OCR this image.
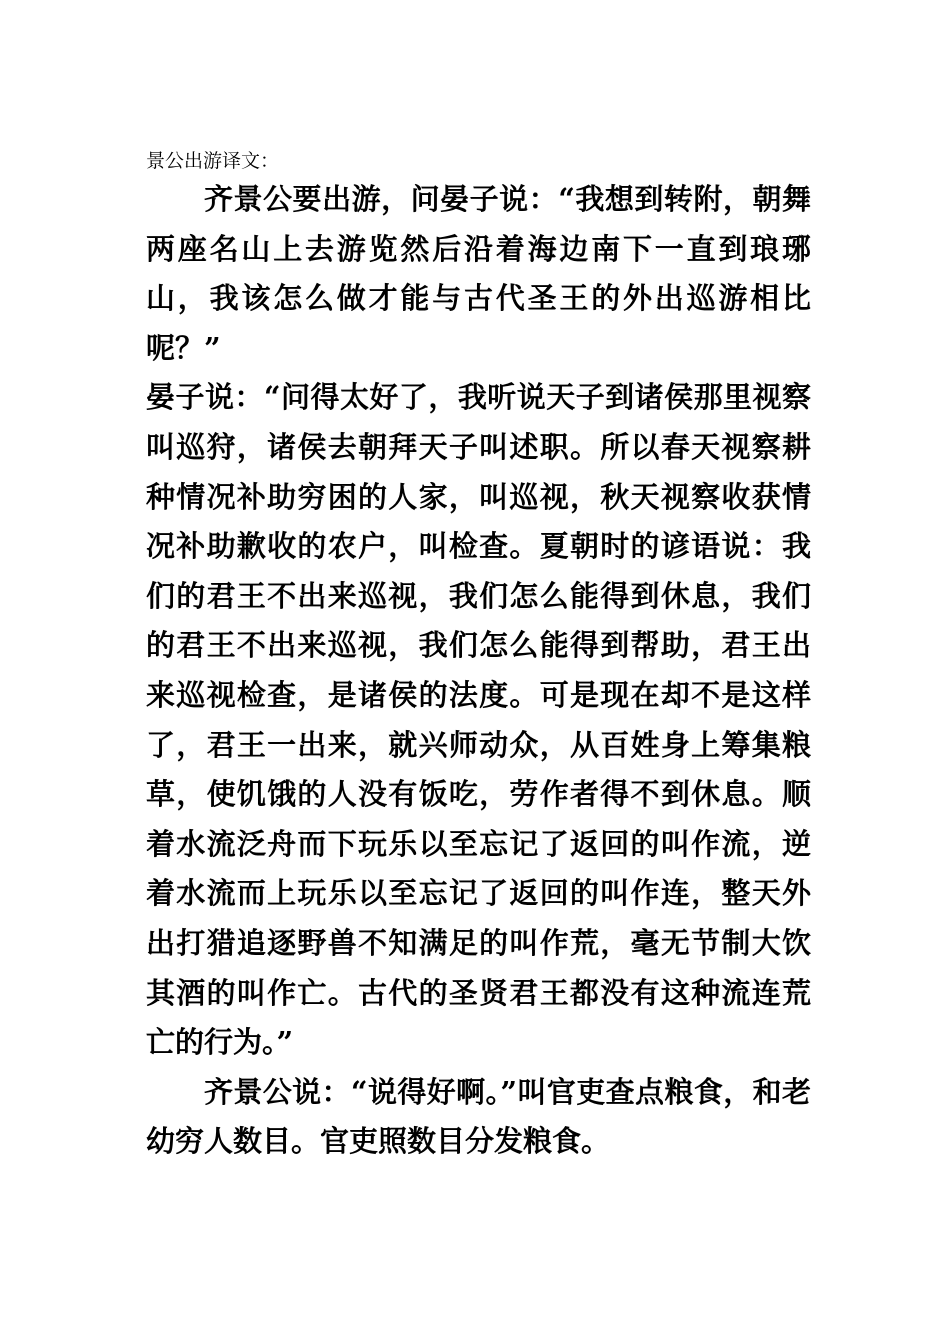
景公出游译文：

齐景公要出游，问晏子说：“我想到转附，朝舞两座名山上去游览然后沿着海边南下一直到琅琊山，我该怎么做才能与古代圣王的外出巡游相比呢？”

晏子说：“问得太好了，我听说天子到诸侯那里视察叫巡狩，诸侯去朝拜天子叫述职。所以春天视察耕种情况补助穷困的人家，叫巡视，秋天视察收获情况补助歉收的农户，叫检查。夏朝时的谚语说：我们的君王不出来巡视，我们怎么能得到休息，我们的君王不出来巡视，我们怎么能得到帮助，君王出来巡视检查，是诸侯的法度。可是现在却不是这样了，君王一出来，就兴师动众，从百姓身上筹集粮草，使饥饿的人没有饭吃，劳作者得不到休息。顺着水流泛舟而下玩乐以至忘记了返回的叫作流，逆着水流而上玩乐以至忘记了返回的叫作连，整天外出打猎追逐野兽不知满足的叫作荒，毫无节制大饮其酒的叫作亡。古代的圣贤君王都没有这种流连荒亡的行为。”

齐景公说：“说得好啊。”叫官吏查点粮食，和老幼穷人数目。官吏照数目分发粮食。
